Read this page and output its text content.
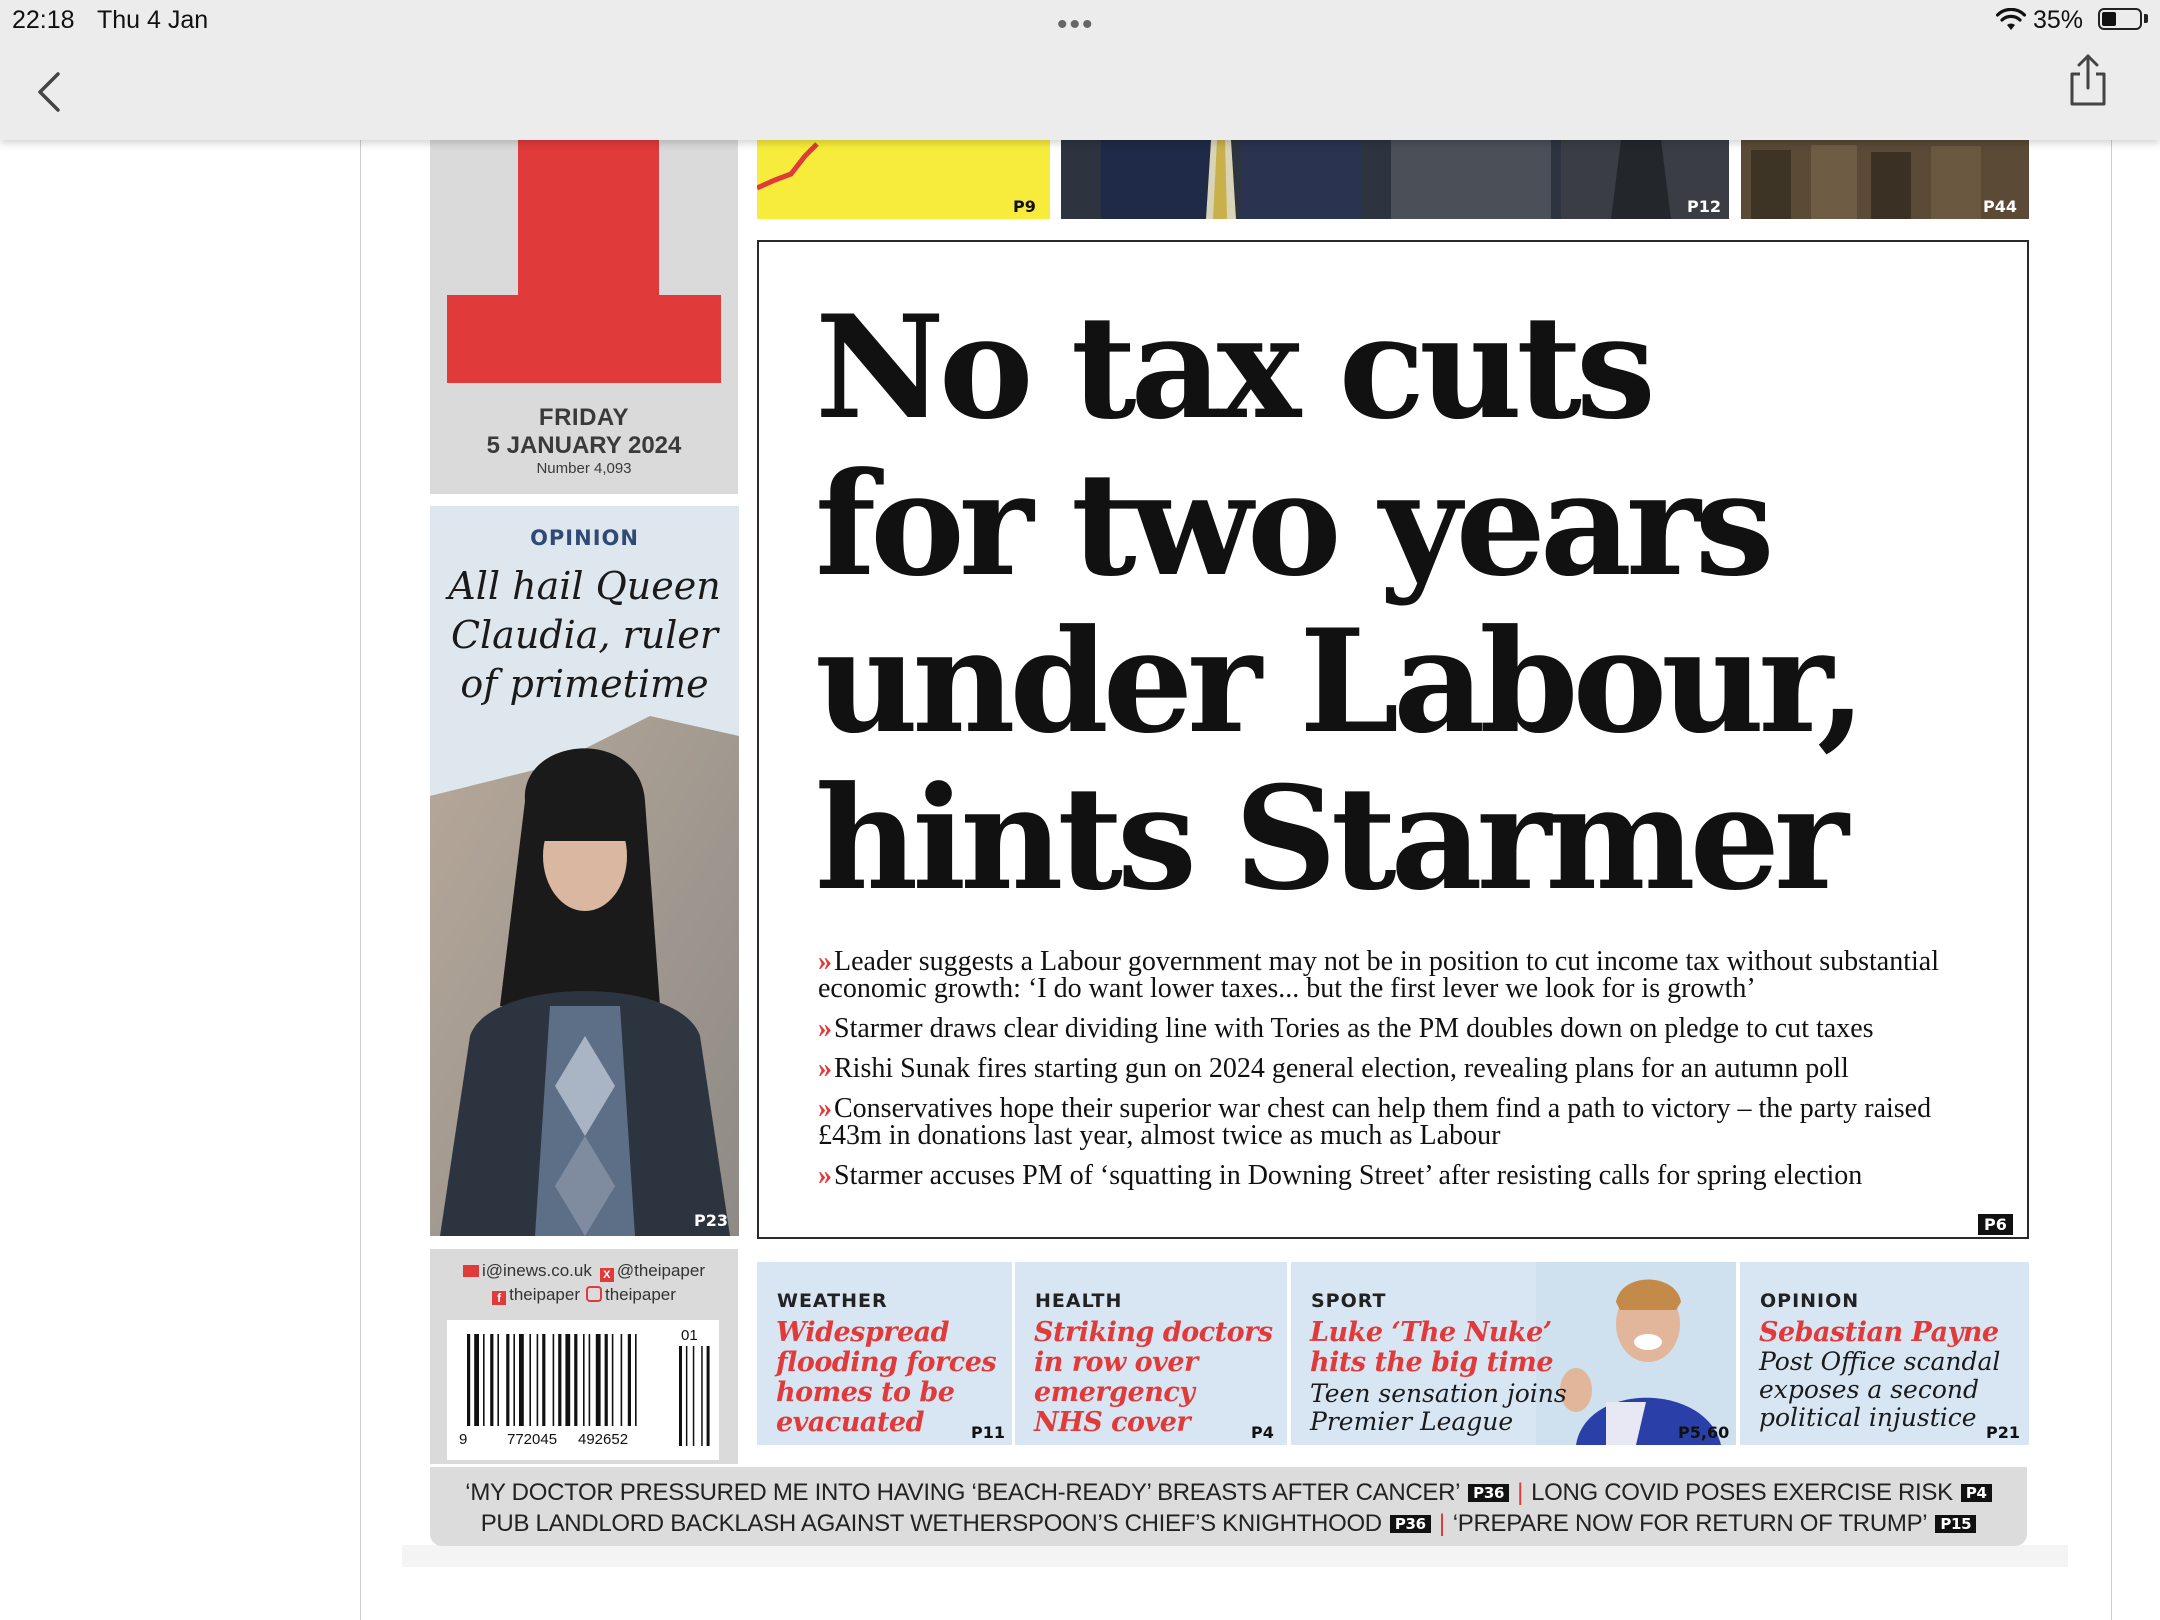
22:18 Thu 4 Jan	•••	35%
FRIDAY
5 JANUARY 2024
Number 4,093
P9	P12	P44
OPINION
All hail Queen
Claudia, ruler
of primetime
P23
No tax cuts
for two years
under Labour,
hints Starmer
»Leader suggests a Labour government may not be in position to cut income tax without substantial economic growth: ‘I do want lower taxes... but the first lever we look for is growth’
»Starmer draws clear dividing line with Tories as the PM doubles down on pledge to cut taxes
»Rishi Sunak fires starting gun on 2024 general election, revealing plans for an autumn poll
»Conservatives hope their superior war chest can help them find a path to victory – the party raised £43m in donations last year, almost twice as much as Labour
»Starmer accuses PM of ‘squatting in Downing Street’ after resisting calls for spring election
P6
i@inews.co.uk X @theipaper
f theipaper theipaper
9	772045 492652
01
WEATHER
Widespread
flooding forces
homes to be
evacuated	P11
HEALTH
Striking doctors
in row over
emergency
NHS cover	P4
SPORT
Luke ‘The Nuke’
hits the big time
Teen sensation joins
Premier League	P5,60
OPINION
Sebastian Payne
Post Office scandal
exposes a second
political injustice
P21
‘MY DOCTOR PRESSURED ME INTO HAVING ‘BEACH-READY’ BREASTS AFTER CANCER’ P36 | LONG COVID POSES EXERCISE RISK P4
PUB LANDLORD BACKLASH AGAINST WETHERSPOON’S CHIEF’S KNIGHTHOOD P36 | ‘PREPARE NOW FOR RETURN OF TRUMP’ P15
